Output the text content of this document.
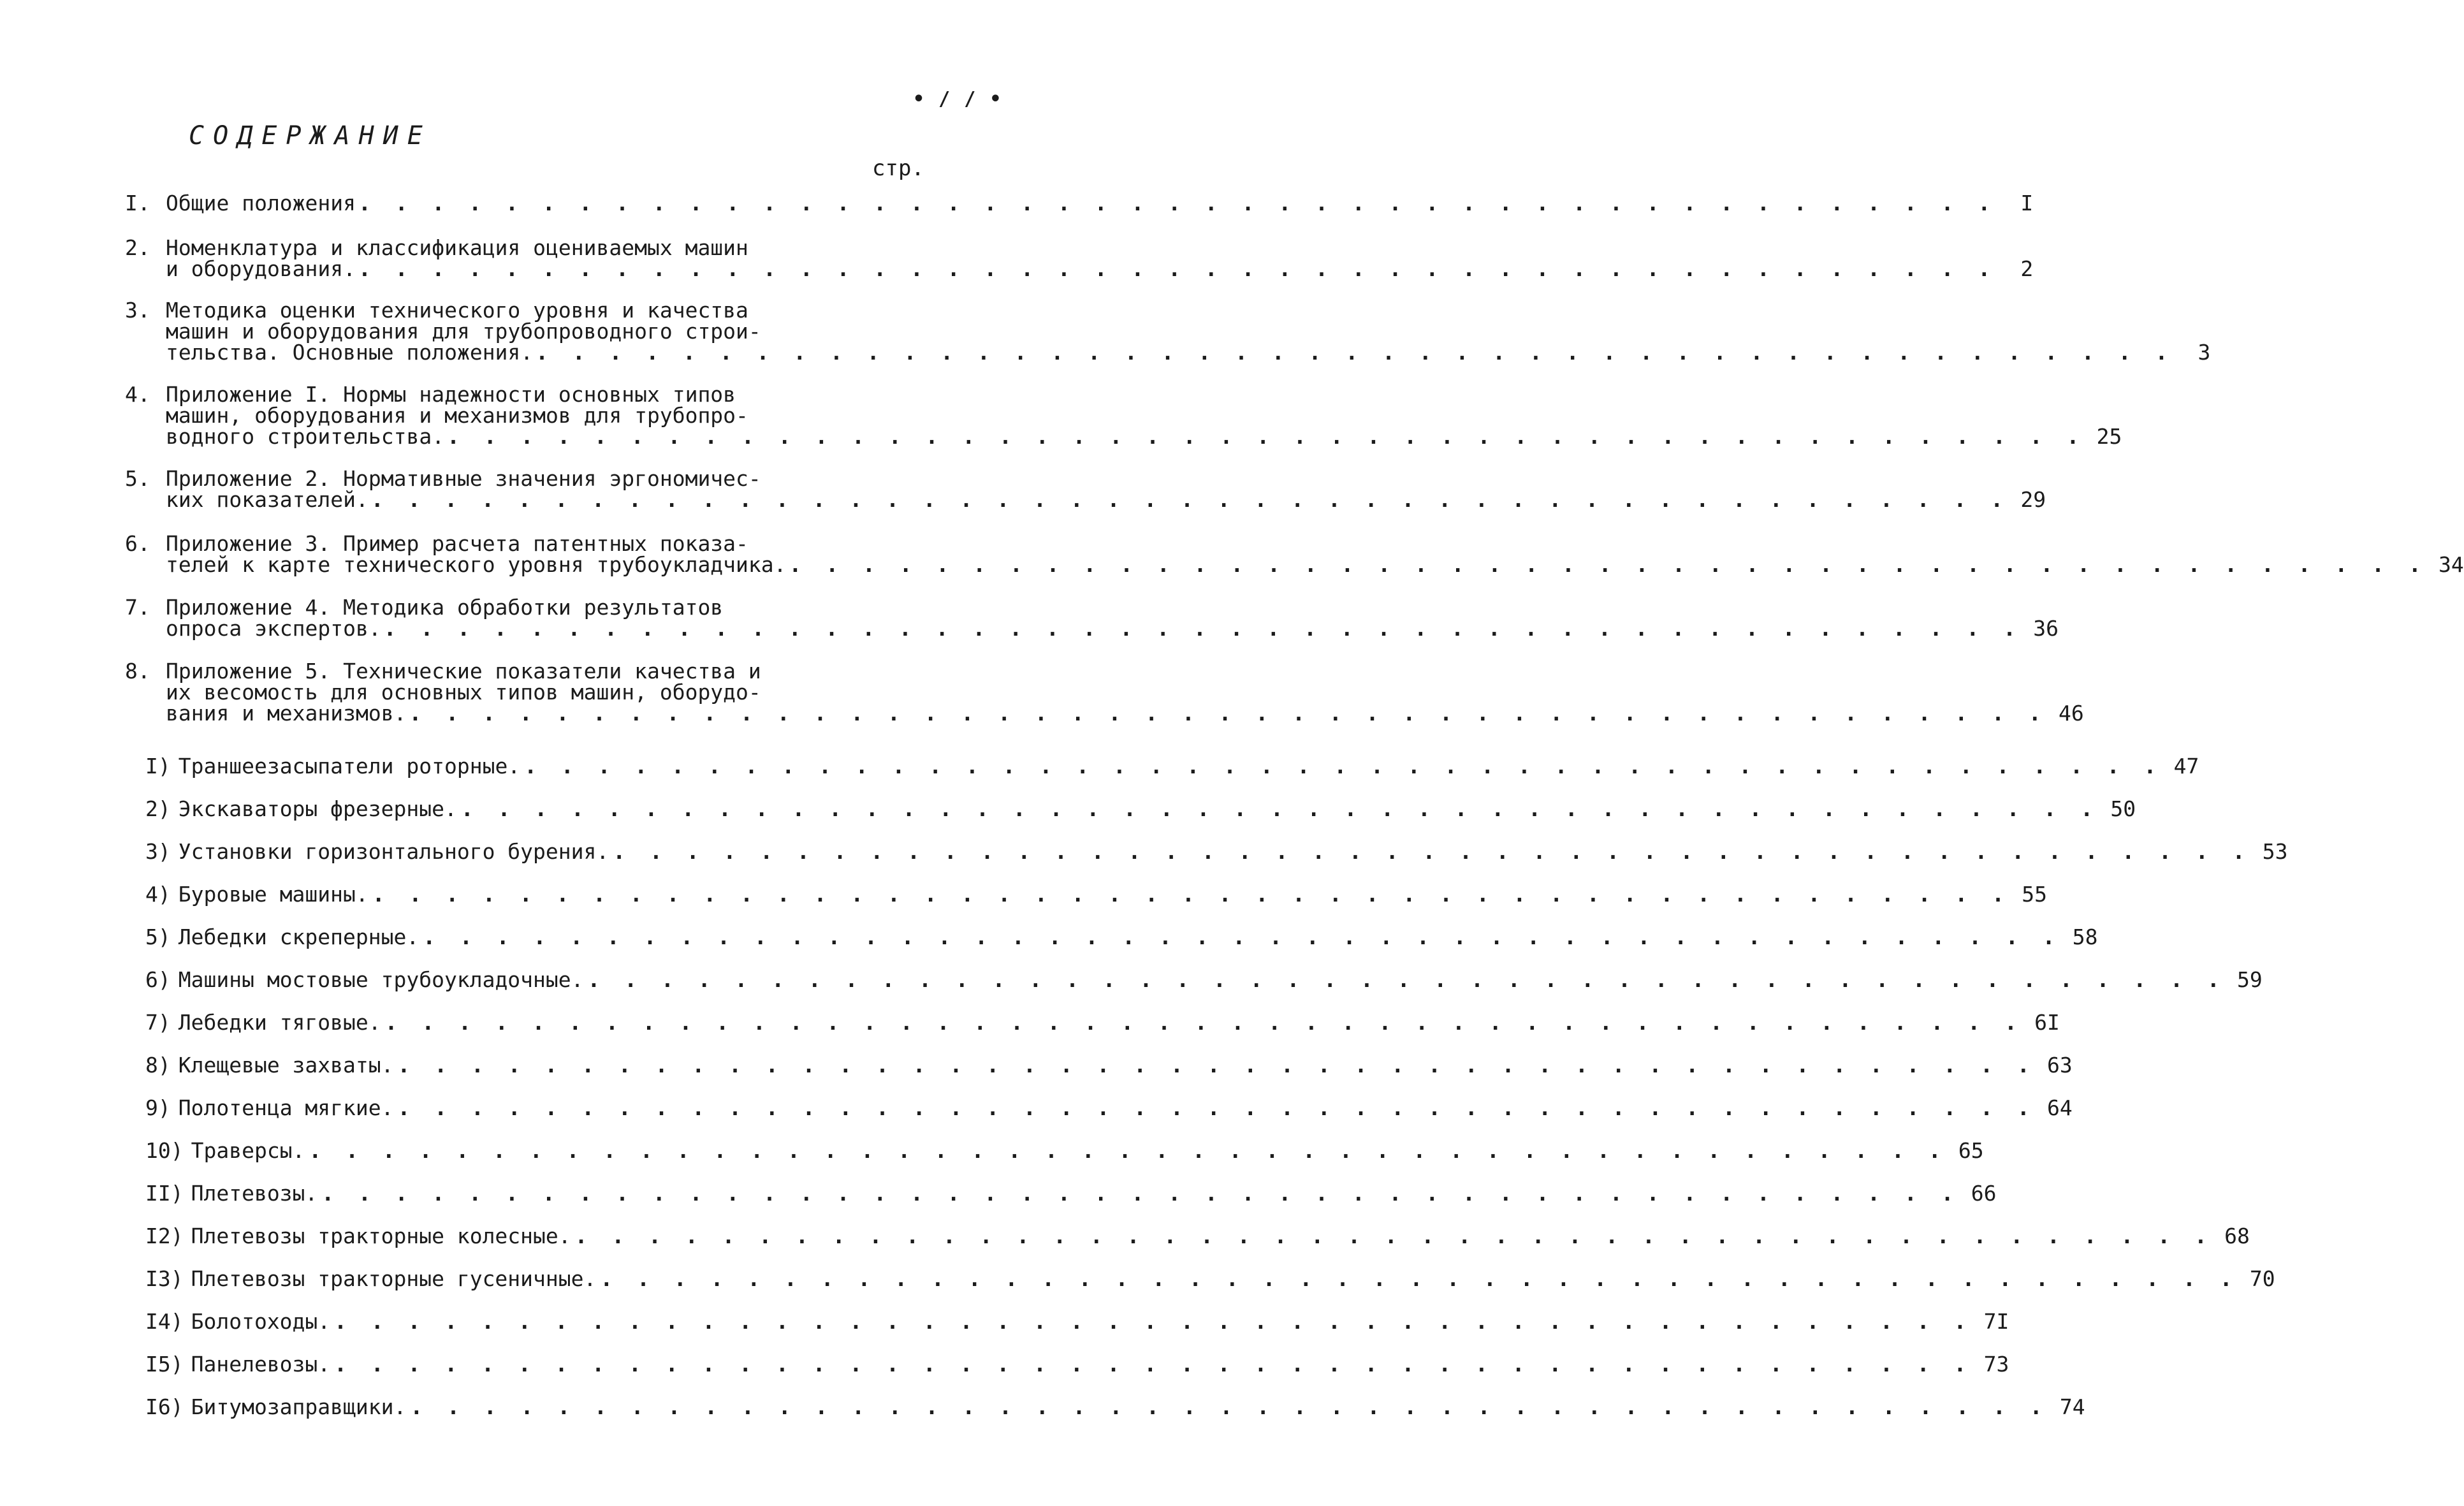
• / / •
СОДЕРЖАНИЕ
стр.
I. Общие положения . . . . . . . . . . . . . . . . . . . . . . . . . . . . . . . . . . . . . . . . . . . . .	I
2. Номенклатура и классификация оцениваемых машин
и оборудования. . . . . . . . . . . . . . . . . . . . . . . . . . . . . . . . . . . . . . . . . . . . . .	2
3. Методика оценки технического уровня и качества
машин и оборудования для трубопроводного строи-
тельства. Основные положения. . . . . . . . . . . . . . . . . . . . . . . . . . . . . . . . . . . . . . . . . . . . . .	3
4. Приложение I. Нормы надежности основных типов
машин, оборудования и механизмов для трубопро-
водного строительства. . . . . . . . . . . . . . . . . . . . . . . . . . . . . . . . . . . . . . . . . . . . . . 25
5. Приложение 2. Нормативные значения эргономичес-
ких показателей. . . . . . . . . . . . . . . . . . . . . . . . . . . . . . . . . . . . . . . . . . . . . . 29
6. Приложение 3. Пример расчета патентных показа-
телей к карте технического уровня трубоукладчика. . . . . . . . . . . . . . . . . . . . . . . . . . . . . . . . . . . . . . . . . . . . . . 34
7. Приложение 4. Методика обработки результатов
опроса экспертов. . . . . . . . . . . . . . . . . . . . . . . . . . . . . . . . . . . . . . . . . . . . . . 36
8. Приложение 5. Технические показатели качества и
их весомость для основных типов машин, оборудо-
вания и механизмов. . . . . . . . . . . . . . . . . . . . . . . . . . . . . . . . . . . . . . . . . . . . . . 46
I) Траншеезасыпатели роторные. . . . . . . . . . . . . . . . . . . . . . . . . . . . . . . . . . . . . . . . . . . . . . 47
2) Экскаваторы фрезерные. . . . . . . . . . . . . . . . . . . . . . . . . . . . . . . . . . . . . . . . . . . . . . 50
3) Установки горизонтального бурения. . . . . . . . . . . . . . . . . . . . . . . . . . . . . . . . . . . . . . . . . . . . . . 53
4) Буровые машины. . . . . . . . . . . . . . . . . . . . . . . . . . . . . . . . . . . . . . . . . . . . . . 55
5) Лебедки скреперные. . . . . . . . . . . . . . . . . . . . . . . . . . . . . . . . . . . . . . . . . . . . . . 58
6) Машины мостовые трубоукладочные. . . . . . . . . . . . . . . . . . . . . . . . . . . . . . . . . . . . . . . . . . . . . . 59
7) Лебедки тяговые. . . . . . . . . . . . . . . . . . . . . . . . . . . . . . . . . . . . . . . . . . . . . . 6I
8) Клещевые захваты. . . . . . . . . . . . . . . . . . . . . . . . . . . . . . . . . . . . . . . . . . . . . . 63
9) Полотенца мягкие. . . . . . . . . . . . . . . . . . . . . . . . . . . . . . . . . . . . . . . . . . . . . . 64
10) Траверсы. . . . . . . . . . . . . . . . . . . . . . . . . . . . . . . . . . . . . . . . . . . . . . 65
II) Плетевозы. . . . . . . . . . . . . . . . . . . . . . . . . . . . . . . . . . . . . . . . . . . . . . 66
I2) Плетевозы тракторные колесные. . . . . . . . . . . . . . . . . . . . . . . . . . . . . . . . . . . . . . . . . . . . . . 68
I3) Плетевозы тракторные гусеничные. . . . . . . . . . . . . . . . . . . . . . . . . . . . . . . . . . . . . . . . . . . . . . 70
I4) Болотоходы. . . . . . . . . . . . . . . . . . . . . . . . . . . . . . . . . . . . . . . . . . . . . . 7I
I5) Панелевозы. . . . . . . . . . . . . . . . . . . . . . . . . . . . . . . . . . . . . . . . . . . . . . 73
I6) Битумозаправщики. . . . . . . . . . . . . . . . . . . . . . . . . . . . . . . . . . . . . . . . . . . . . . 74
